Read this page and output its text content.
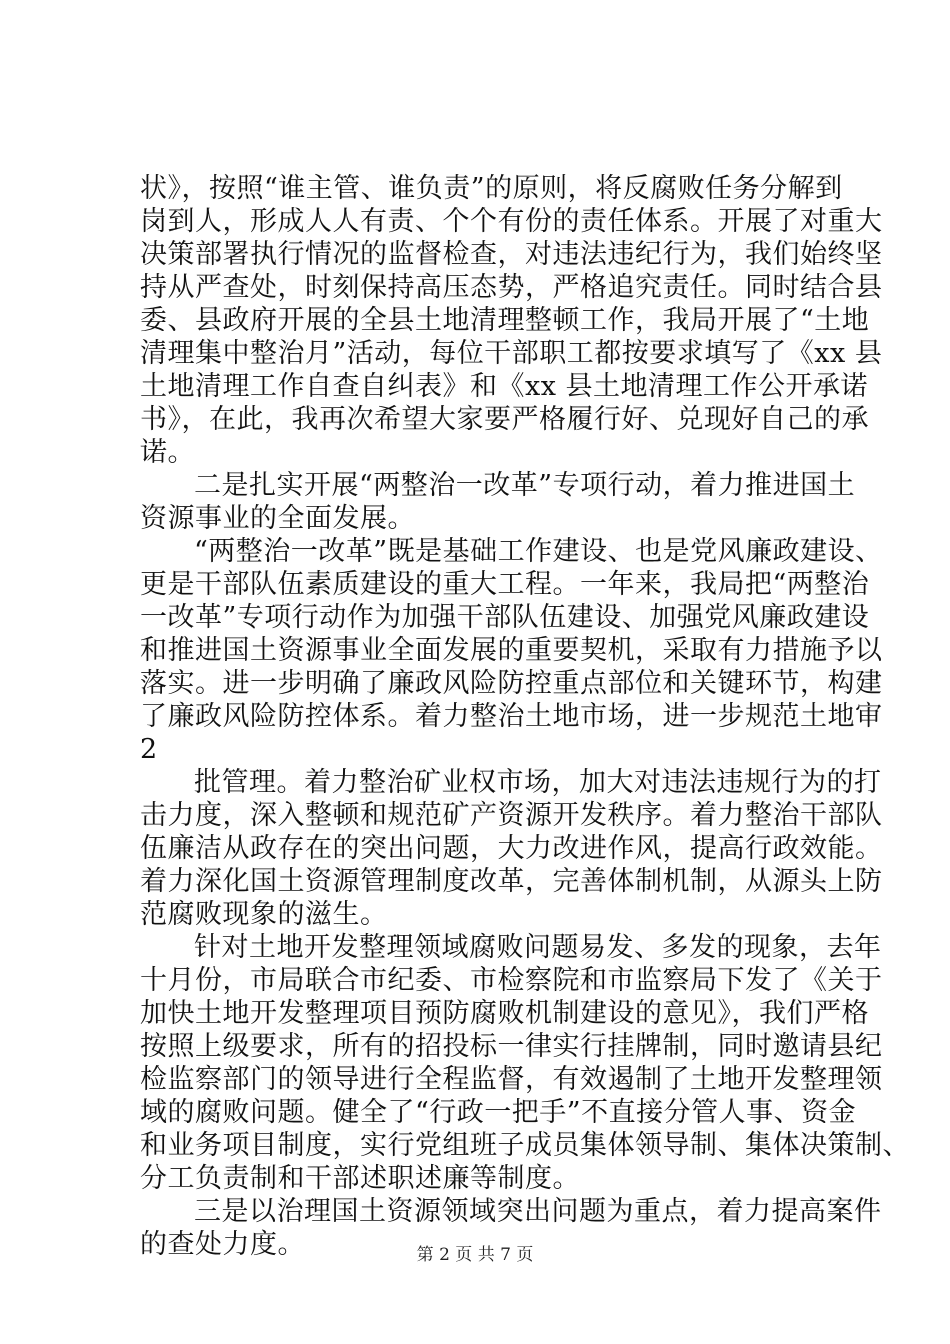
状》，按照“谁主管、谁负责”的原则，将反腐败任务分解到
岗到人，形成人人有责、个个有份的责任体系。开展了对重大
决策部署执行情况的监督检查，对违法违纪行为，我们始终坚
持从严查处，时刻保持高压态势，严格追究责任。同时结合县
委、县政府开展的全县土地清理整顿工作，我局开展了“土地
清理集中整治月”活动，每位干部职工都按要求填写了《xx 县
土地清理工作自查自纠表》和《xx 县土地清理工作公开承诺
书》，在此，我再次希望大家要严格履行好、兑现好自己的承
诺。
二是扎实开展“两整治一改革”专项行动，着力推进国土
资源事业的全面发展。
“两整治一改革”既是基础工作建设、也是党风廉政建设、
更是干部队伍素质建设的重大工程。一年来，我局把“两整治
一改革”专项行动作为加强干部队伍建设、加强党风廉政建设
和推进国土资源事业全面发展的重要契机，采取有力措施予以
落实。进一步明确了廉政风险防控重点部位和关键环节，构建
了廉政风险防控体系。着力整治土地市场，进一步规范土地审
2
批管理。着力整治矿业权市场，加大对违法违规行为的打
击力度，深入整顿和规范矿产资源开发秩序。着力整治干部队
伍廉洁从政存在的突出问题，大力改进作风，提高行政效能。
着力深化国土资源管理制度改革，完善体制机制，从源头上防
范腐败现象的滋生。
针对土地开发整理领域腐败问题易发、多发的现象，去年
十月份，市局联合市纪委、市检察院和市监察局下发了《关于
加快土地开发整理项目预防腐败机制建设的意见》，我们严格
按照上级要求，所有的招投标一律实行挂牌制，同时邀请县纪
检监察部门的领导进行全程监督，有效遏制了土地开发整理领
域的腐败问题。健全了“行政一把手”不直接分管人事、资金
和业务项目制度，实行党组班子成员集体领导制、集体决策制、
分工负责制和干部述职述廉等制度。
三是以治理国土资源领域突出问题为重点，着力提高案件
的查处力度。	第 2 页 共 7 页
